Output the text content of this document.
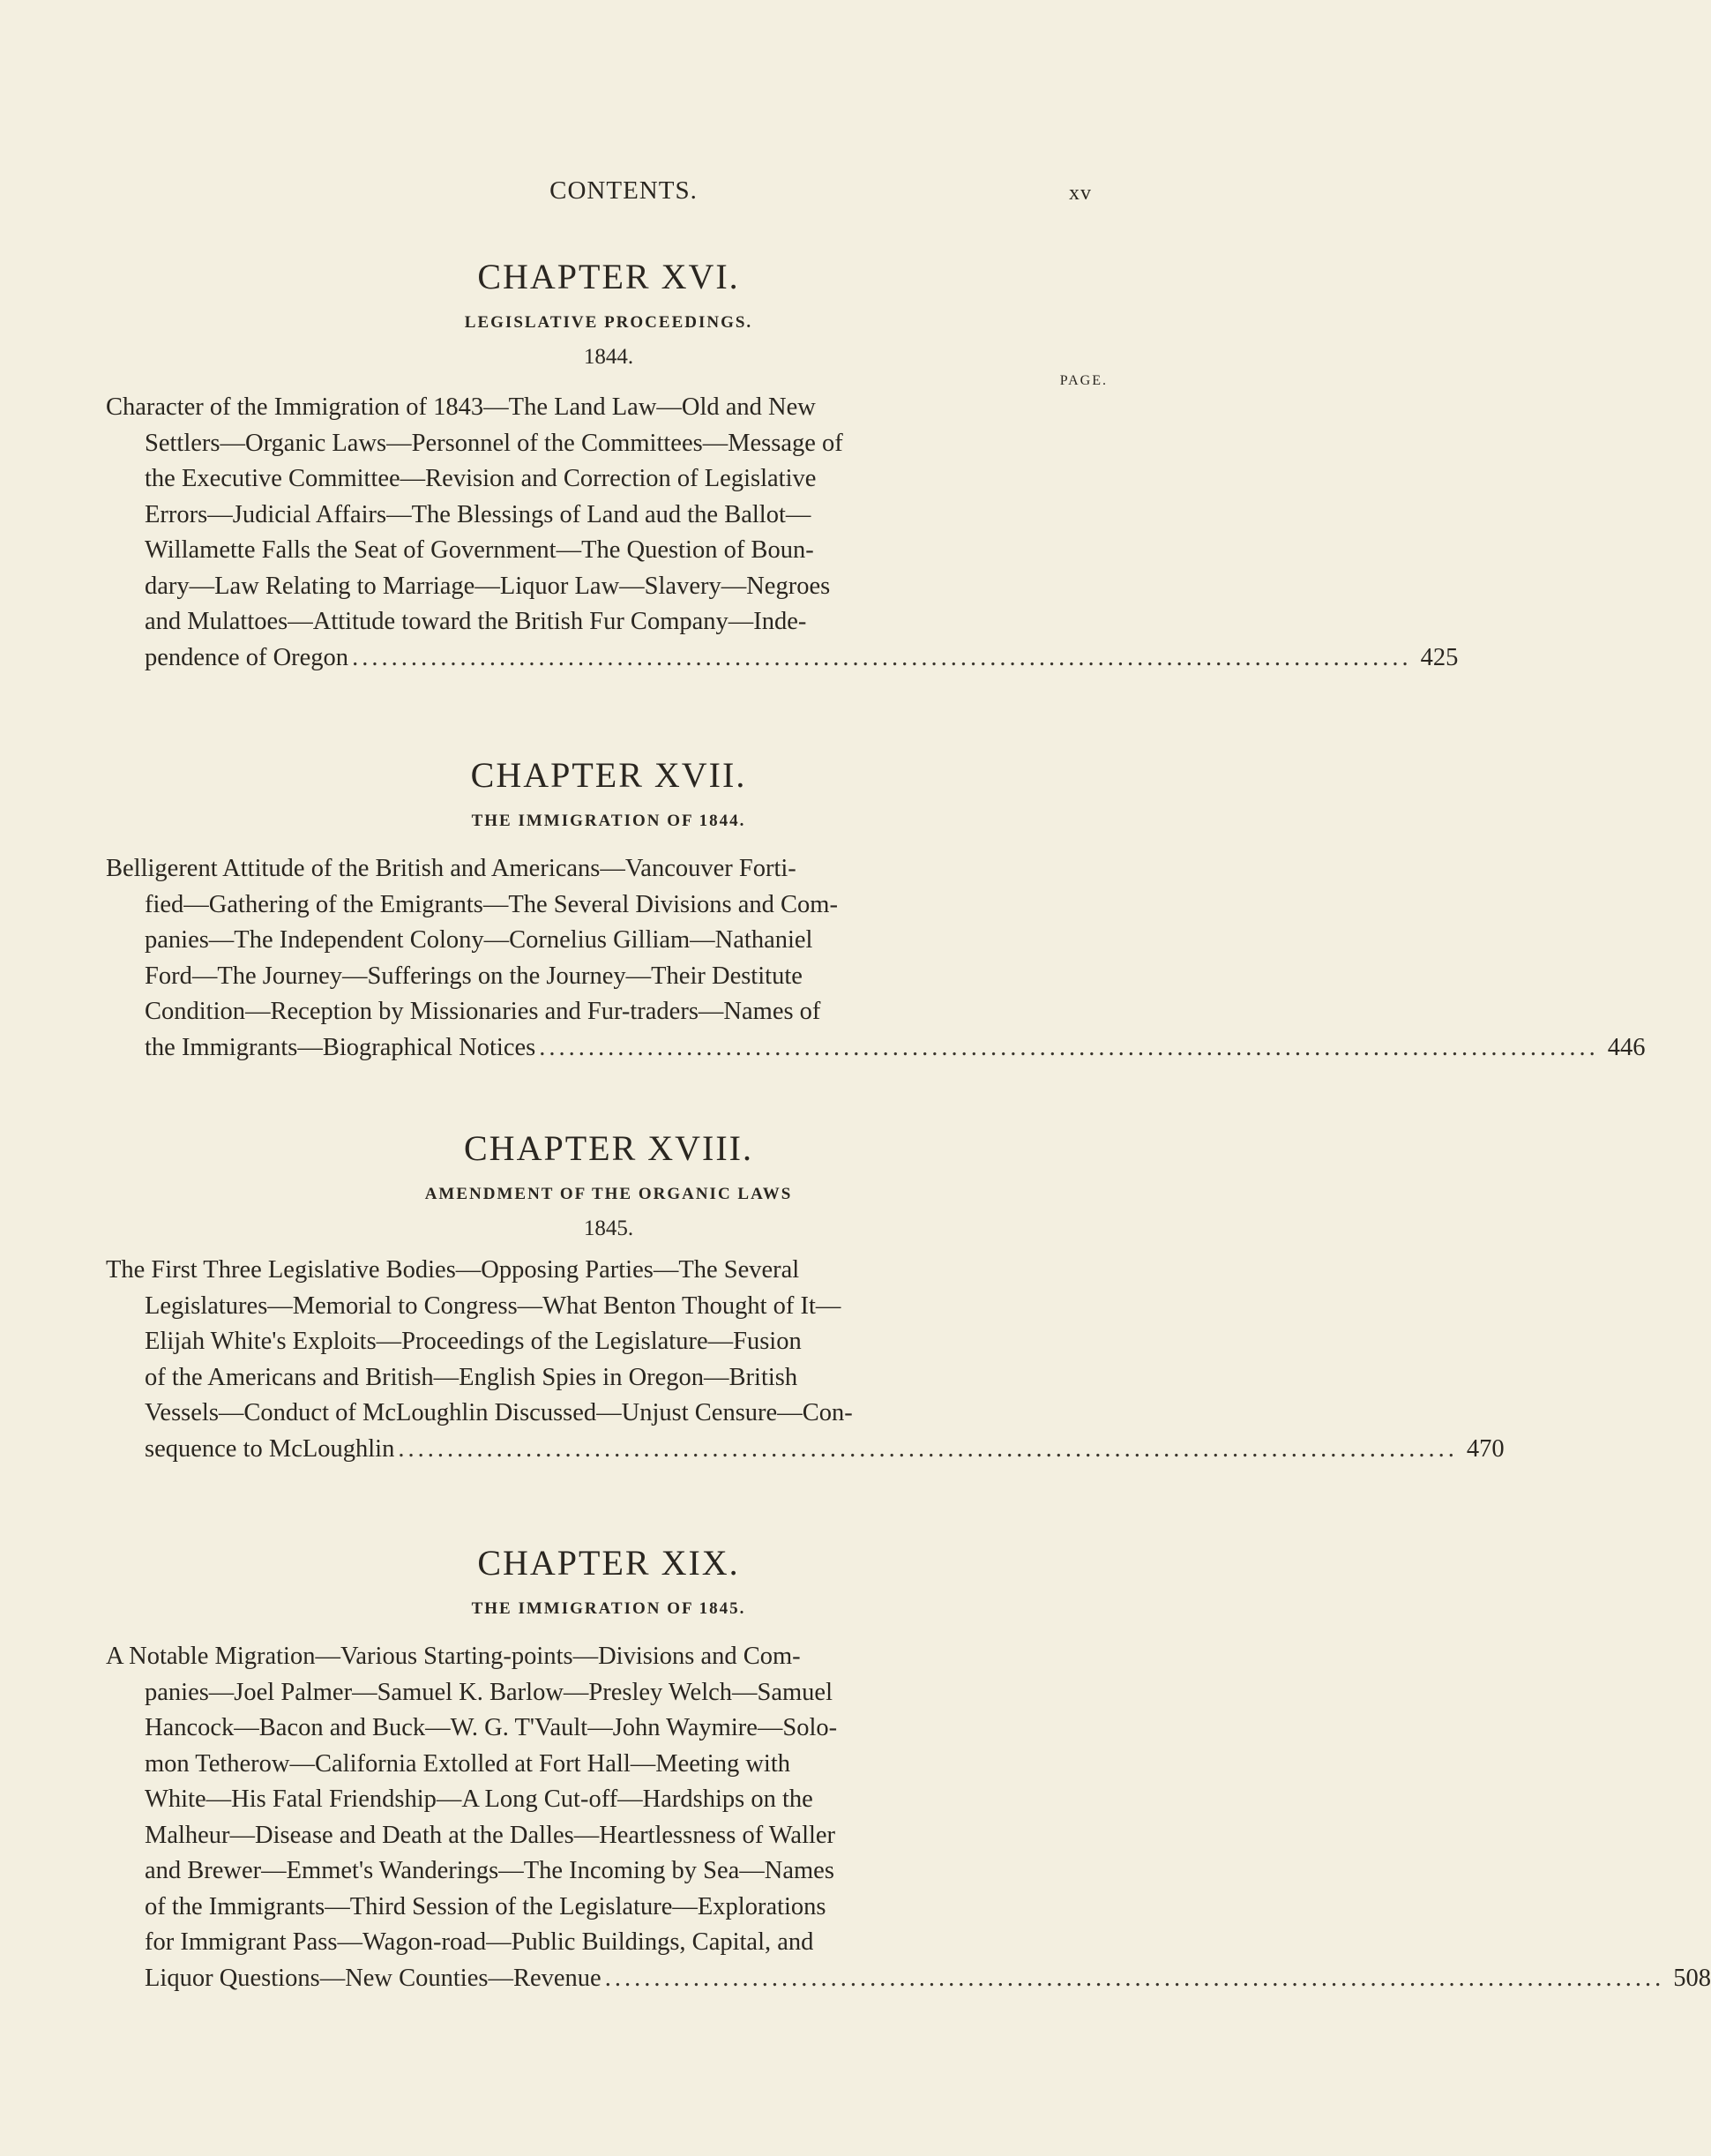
CONTENTS.	xv
CHAPTER XVI.
LEGISLATIVE PROCEEDINGS.
1844.
PAGE.
Character of the Immigration of 1843—The Land Law—Old and New
Settlers—Organic Laws—Personnel of the Committees—Message of
the Executive Committee—Revision and Correction of Legislative
Errors—Judicial Affairs—The Blessings of Land aud the Ballot—
Willamette Falls the Seat of Government—The Question of Boun-
dary—Law Relating to Marriage—Liquor Law—Slavery—Negroes
and Mulattoes—Attitude toward the British Fur Company—Inde-
pendence of Oregon ............................................................................................................ 425
CHAPTER XVII.
THE IMMIGRATION OF 1844.
Belligerent Attitude of the British and Americans—Vancouver Forti-
fied—Gathering of the Emigrants—The Several Divisions and Com-
panies—The Independent Colony—Cornelius Gilliam—Nathaniel
Ford—The Journey—Sufferings on the Journey—Their Destitute
Condition—Reception by Missionaries and Fur-traders—Names of
the Immigrants—Biographical Notices ............................................................................................................ 446
CHAPTER XVIII.
AMENDMENT OF THE ORGANIC LAWS
1845.
The First Three Legislative Bodies—Opposing Parties—The Several
Legislatures—Memorial to Congress—What Benton Thought of It—
Elijah White's Exploits—Proceedings of the Legislature—Fusion
of the Americans and British—English Spies in Oregon—British
Vessels—Conduct of McLoughlin Discussed—Unjust Censure—Con-
sequence to McLoughlin ............................................................................................................ 470
CHAPTER XIX.
THE IMMIGRATION OF 1845.
A Notable Migration—Various Starting-points—Divisions and Com-
panies—Joel Palmer—Samuel K. Barlow—Presley Welch—Samuel
Hancock—Bacon and Buck—W. G. T'Vault—John Waymire—Solo-
mon Tetherow—California Extolled at Fort Hall—Meeting with
White—His Fatal Friendship—A Long Cut-off—Hardships on the
Malheur—Disease and Death at the Dalles—Heartlessness of Waller
and Brewer—Emmet's Wanderings—The Incoming by Sea—Names
of the Immigrants—Third Session of the Legislature—Explorations
for Immigrant Pass—Wagon-road—Public Buildings, Capital, and
Liquor Questions—New Counties—Revenue ............................................................................................................ 508
